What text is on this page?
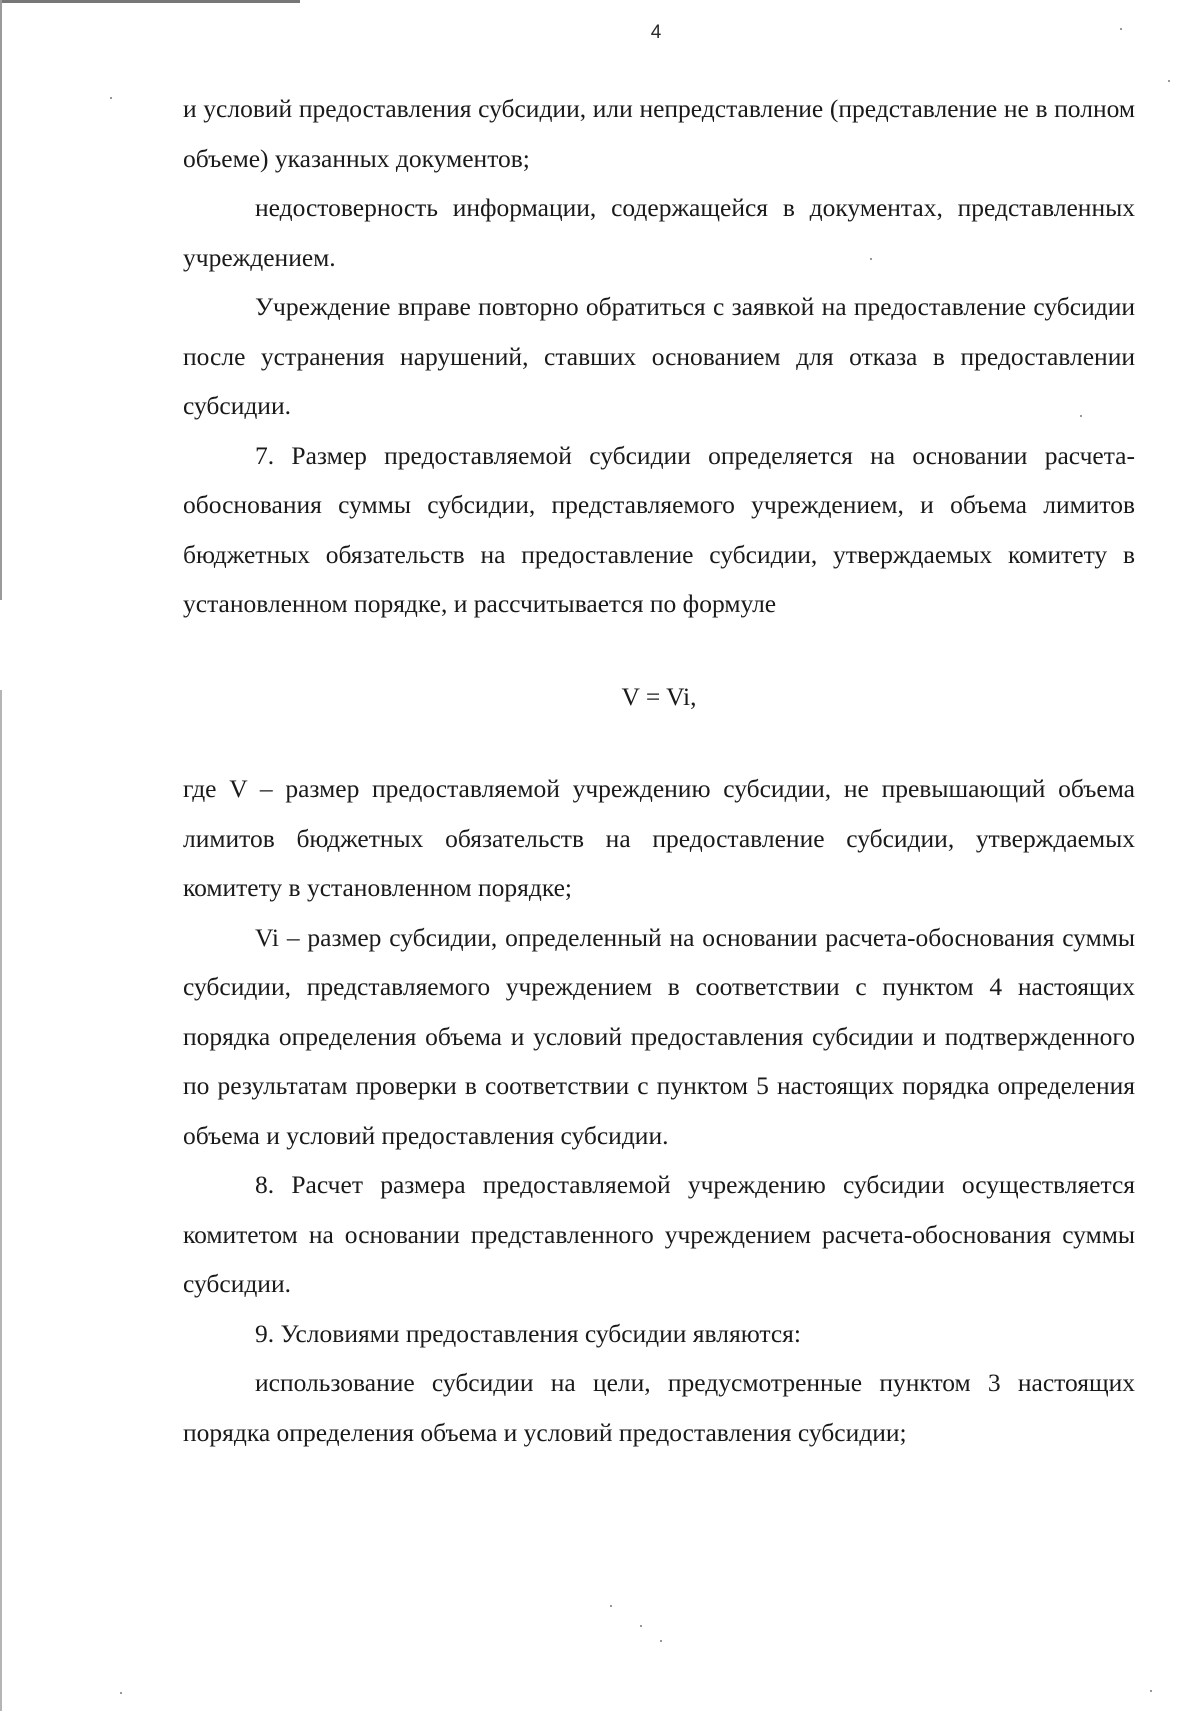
4

и условий предоставления субсидии, или непредставление (представление не в полном объеме) указанных документов;

недостоверность информации, содержащейся в документах, представленных учреждением.

Учреждение вправе повторно обратиться с заявкой на предоставление субсидии после устранения нарушений, ставших основанием для отказа в предоставлении субсидии.

7. Размер предоставляемой субсидии определяется на основании расчета-обоснования суммы субсидии, представляемого учреждением, и объема лимитов бюджетных обязательств на предоставление субсидии, утверждаемых комитету в установленном порядке, и рассчитывается по формуле

V = Vi,

где V – размер предоставляемой учреждению субсидии, не превышающий объема лимитов бюджетных обязательств на предоставление субсидии, утверждаемых комитету в установленном порядке;

Vi – размер субсидии, определенный на основании расчета-обоснования суммы субсидии, представляемого учреждением в соответствии с пунктом 4 настоящих порядка определения объема и условий предоставления субсидии и подтвержденного по результатам проверки в соответствии с пунктом 5 настоящих порядка определения объема и условий предоставления субсидии.

8. Расчет размера предоставляемой учреждению субсидии осуществляется комитетом на основании представленного учреждением расчета-обоснования суммы субсидии.

9. Условиями предоставления субсидии являются:

использование субсидии на цели, предусмотренные пунктом 3 настоящих порядка определения объема и условий предоставления субсидии;
